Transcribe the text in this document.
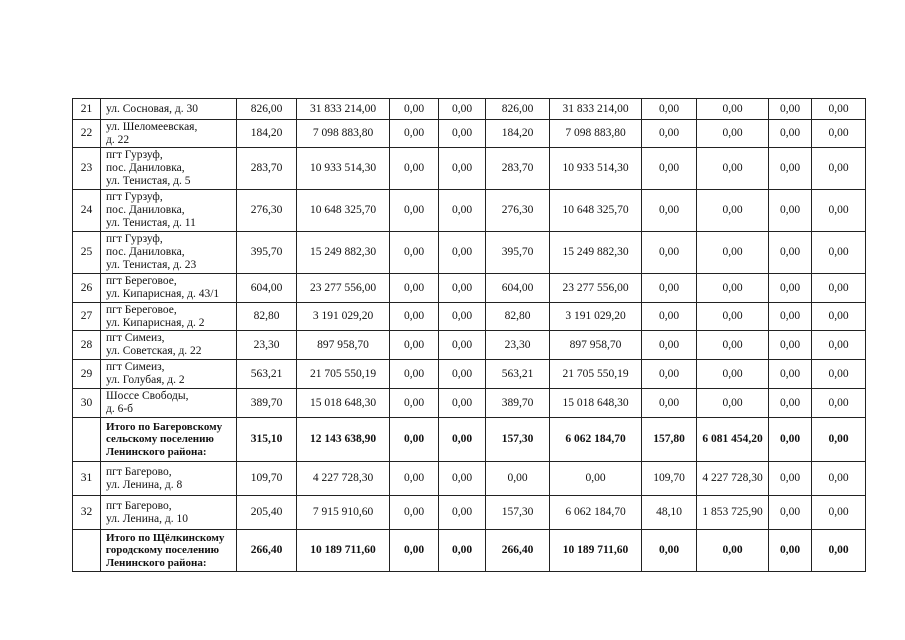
21	ул. Сосновая, д. 30	826,00	31 833 214,00	0,00	0,00	826,00	31 833 214,00	0,00	0,00	0,00	0,00
22	ул. Шеломеевская,
д. 22	184,20	7 098 883,80	0,00	0,00	184,20	7 098 883,80	0,00	0,00	0,00	0,00
23	пгт Гурзуф,
пос. Даниловка,
ул. Тенистая, д. 5	283,70	10 933 514,30	0,00	0,00	283,70	10 933 514,30	0,00	0,00	0,00	0,00
24	пгт Гурзуф,
пос. Даниловка,
ул. Тенистая, д. 11	276,30	10 648 325,70	0,00	0,00	276,30	10 648 325,70	0,00	0,00	0,00	0,00
25	пгт Гурзуф,
пос. Даниловка,
ул. Тенистая, д. 23	395,70	15 249 882,30	0,00	0,00	395,70	15 249 882,30	0,00	0,00	0,00	0,00
26	пгт Береговое,
ул. Кипарисная, д. 43/1	604,00	23 277 556,00	0,00	0,00	604,00	23 277 556,00	0,00	0,00	0,00	0,00
27	пгт Береговое,
ул. Кипарисная, д. 2	82,80	3 191 029,20	0,00	0,00	82,80	3 191 029,20	0,00	0,00	0,00	0,00
28	пгт Симеиз,
ул. Советская, д. 22	23,30	897 958,70	0,00	0,00	23,30	897 958,70	0,00	0,00	0,00	0,00
29	пгт Симеиз,
ул. Голубая, д. 2	563,21	21 705 550,19	0,00	0,00	563,21	21 705 550,19	0,00	0,00	0,00	0,00
30	Шоссе Свободы,
д. 6-б	389,70	15 018 648,30	0,00	0,00	389,70	15 018 648,30	0,00	0,00	0,00	0,00
	Итого по Багеровскому
сельскому поселению
Ленинского района:	315,10	12 143 638,90	0,00	0,00	157,30	6 062 184,70	157,80	6 081 454,20	0,00	0,00
31	пгт Багерово,
ул. Ленина, д. 8	109,70	4 227 728,30	0,00	0,00	0,00	0,00	109,70	4 227 728,30	0,00	0,00
32	пгт Багерово,
ул. Ленина, д. 10	205,40	7 915 910,60	0,00	0,00	157,30	6 062 184,70	48,10	1 853 725,90	0,00	0,00
	Итого по Щёлкинскому
городскому поселению
Ленинского района:	266,40	10 189 711,60	0,00	0,00	266,40	10 189 711,60	0,00	0,00	0,00	0,00
